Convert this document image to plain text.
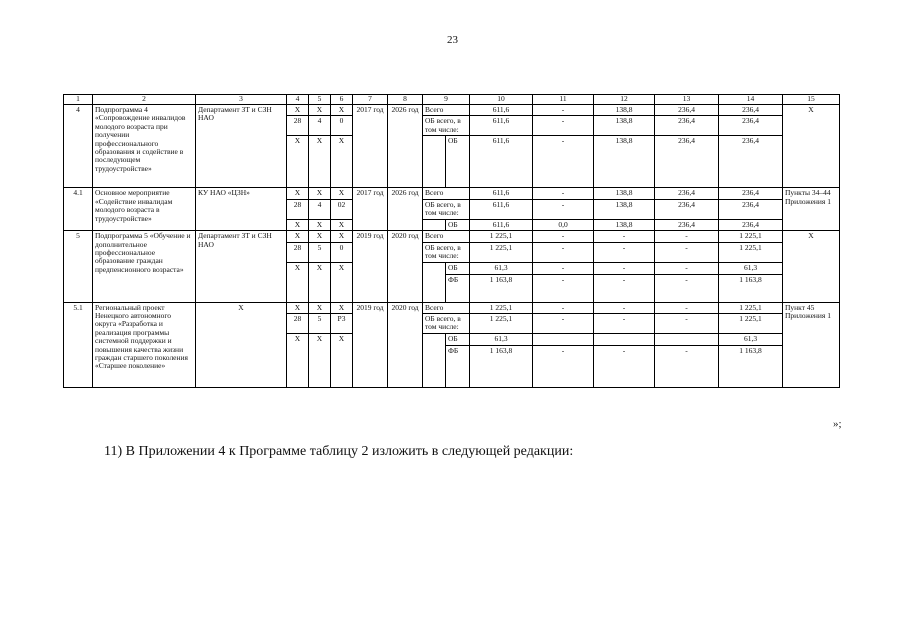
23
1	2	3	4	5	6	7	8	9		10	11	12	13	14	15
4	Подпрограмма 4 «Сопровождение инвалидов молодого возраста при получении профессионального образования и содействие в последующем трудоустройстве»	Департамент ЗТ и СЗН НАО	X	X	X	2017 год	2026 год	Всего		611,6	-	138,8	236,4	236,4	X
			28	4	0			ОБ всего, в том числе:		611,6	-	138,8	236,4	236,4	
			X	X	X				ОБ	611,6	-	138,8	236,4	236,4	
4.1	Основное мероприятие «Содействие инвалидам молодого возраста в трудоустройстве»	КУ НАО «ЦЗН»	X	X	X	2017 год	2026 год	Всего		611,6	-	138,8	236,4	236,4	Пункты 34–44 Приложения 1
			28	4	02			ОБ всего, в том числе:		611,6	-	138,8	236,4	236,4	
			X	X	X				ОБ	611,6	0,0	138,8	236,4	236,4	
5	Подпрограмма 5 «Обучение и дополнительное профессиональное образование граждан предпенсионного возраста»	Департамент ЗТ и СЗН НАО	X	X	X	2019 год	2020 год	Всего		1 225,1	-	-	-	1 225,1	X
			28	5	0			ОБ всего, в том числе:		1 225,1	-	-	-	1 225,1	
			X	X	X				ОБ	61,3	-	-	-	61,3	
									ФБ	1 163,8	-	-	-	1 163,8	
5.1	Региональный проект Ненецкого автономного округа «Разработка и реализация программы системной поддержки и повышения качества жизни граждан старшего поколения «Старшее поколение»	X	X	X	X	2019 год	2020 год	Всего		1 225,1	-	-	-	1 225,1	Пункт 45 Приложения 1
			28	5	P3			ОБ всего, в том числе:		1 225,1	-	-	-	1 225,1	
			X	X	X				ОБ	61,3				61,3	
									ФБ	1 163,8	-	-	-	1 163,8	
»;
11) В Приложении 4 к Программе таблицу 2 изложить в следующей редакции:
